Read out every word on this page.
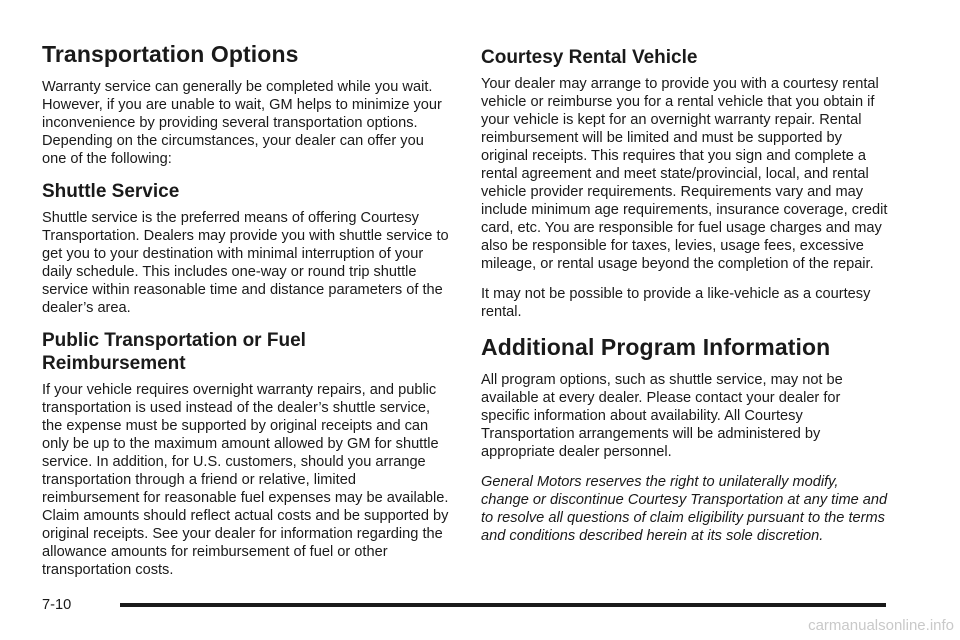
Transportation Options

Warranty service can generally be completed while you wait. However, if you are unable to wait, GM helps to minimize your inconvenience by providing several transportation options. Depending on the circumstances, your dealer can offer you one of the following:

Shuttle Service

Shuttle service is the preferred means of offering Courtesy Transportation. Dealers may provide you with shuttle service to get you to your destination with minimal interruption of your daily schedule. This includes one-way or round trip shuttle service within reasonable time and distance parameters of the dealer’s area.

Public Transportation or Fuel Reimbursement

If your vehicle requires overnight warranty repairs, and public transportation is used instead of the dealer’s shuttle service, the expense must be supported by original receipts and can only be up to the maximum amount allowed by GM for shuttle service. In addition, for U.S. customers, should you arrange transportation through a friend or relative, limited reimbursement for reasonable fuel expenses may be available. Claim amounts should reflect actual costs and be supported by original receipts. See your dealer for information regarding the allowance amounts for reimbursement of fuel or other transportation costs.

Courtesy Rental Vehicle

Your dealer may arrange to provide you with a courtesy rental vehicle or reimburse you for a rental vehicle that you obtain if your vehicle is kept for an overnight warranty repair. Rental reimbursement will be limited and must be supported by original receipts. This requires that you sign and complete a rental agreement and meet state/provincial, local, and rental vehicle provider requirements. Requirements vary and may include minimum age requirements, insurance coverage, credit card, etc. You are responsible for fuel usage charges and may also be responsible for taxes, levies, usage fees, excessive mileage, or rental usage beyond the completion of the repair.

It may not be possible to provide a like-vehicle as a courtesy rental.

Additional Program Information

All program options, such as shuttle service, may not be available at every dealer. Please contact your dealer for specific information about availability. All Courtesy Transportation arrangements will be administered by appropriate dealer personnel.

General Motors reserves the right to unilaterally modify, change or discontinue Courtesy Transportation at any time and to resolve all questions of claim eligibility pursuant to the terms and conditions described herein at its sole discretion.

7-10
carmanualsonline.info
